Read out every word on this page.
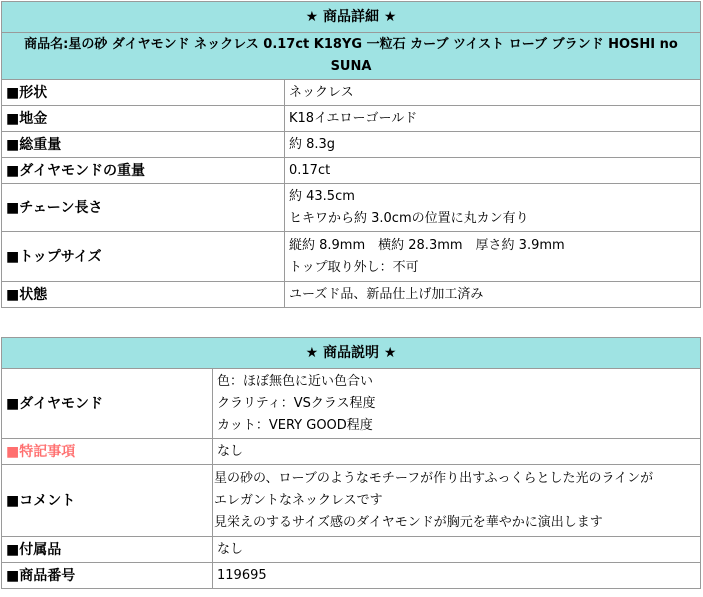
★ 商品詳細 ★	
商品名:星の砂 ダイヤモンド ネックレス 0.17ct K18YG 一粒石 カーブ ツイスト ローブ ブランド HOSHI no SUNA	
■形状	ネックレス
■地金	K18イエローゴールド
■総重量	約 8.3g
■ダイヤモンドの重量	0.17ct
■チェーン長さ	約 43.5cm
ヒキワから約 3.0cmの位置に丸カン有り

■トップサイズ	縦約 8.9mm　横約 28.3mm　厚さ約 3.9mm
トップ取り外し：不可

■状態	ユーズド品、新品仕上げ加工済み
★ 商品説明 ★	
■ダイヤモンド	色：ほぼ無色に近い色合い
クラリティ：VSクラス程度
カット：VERY GOOD程度

■特記事項	なし
■コメント	星の砂の、ローブのようなモチーフが作り出すふっくらとした光のラインが
エレガントなネックレスです
見栄えのするサイズ感のダイヤモンドが胸元を華やかに演出します

■付属品	なし
■商品番号	119695
